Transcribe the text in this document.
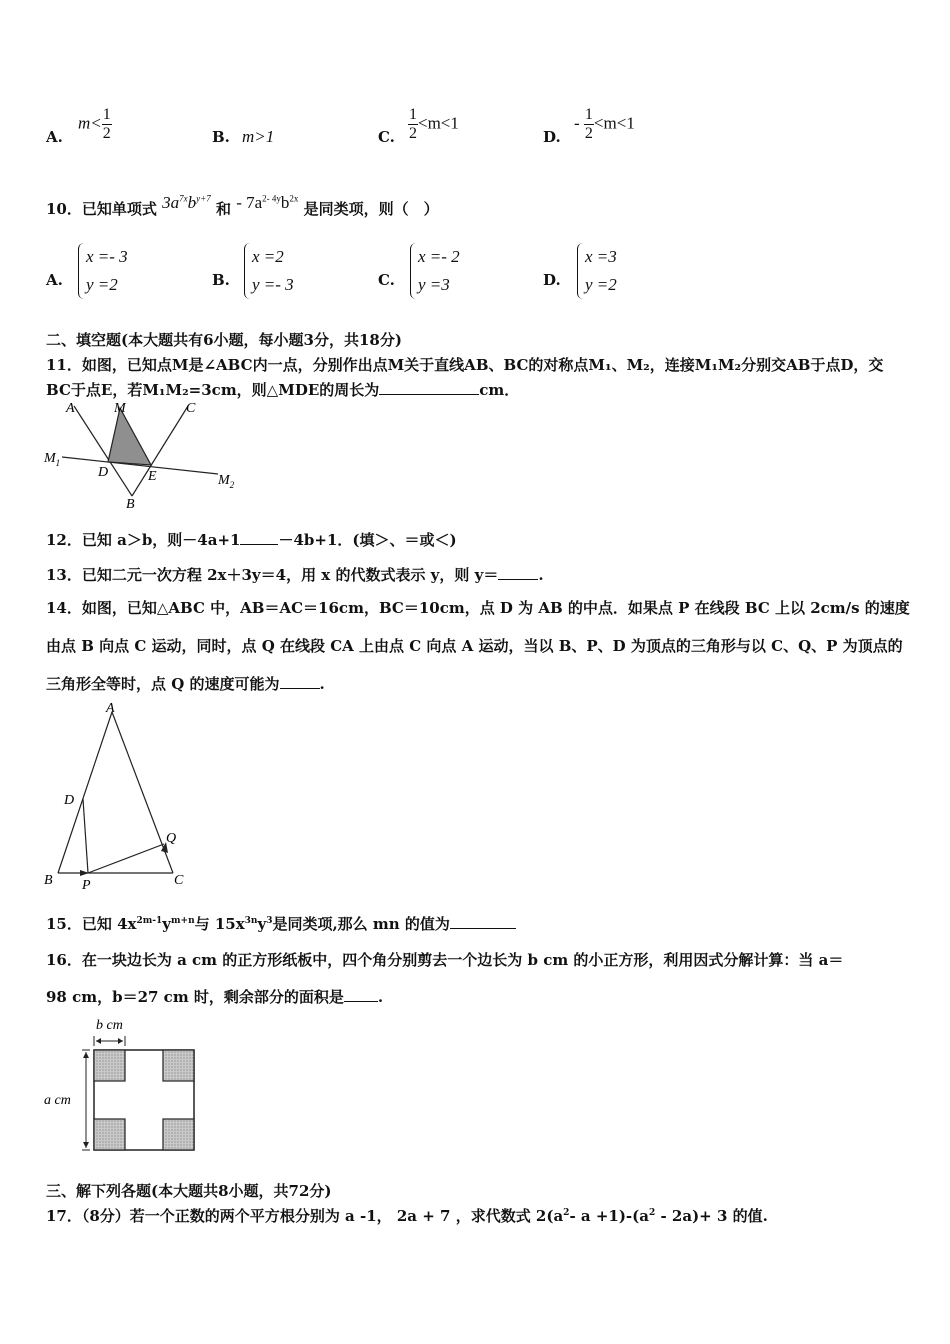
A.
$m< \frac{1}{2}$	B. m>1	C. $\frac{1}{2} <m<1$
D.
- $\frac{1}{2} <m<1$
10．已知单项式 $3a^{7x}b^{y+7}$ 和 - $7a^{2- 4y}b^{2x}$ 是同类项，则（　）
A.
x =- 3
y =2	B.
x =2
y =- 3	C.
x =- 2
y =3	D.
x =3
y =2
二、填空题(本大题共有6小题，每小题3分，共18分)
11．如图，已知点M是∠ABC内一点，分别作出点M关于直线AB、BC的对称点M₁、M₂，连接M₁M₂分别交AB于点D，交
BC于点E，若M₁M₂=3cm，则△MDE的周长为	cm．
A	M	C
$M_1$
D	E	$M_2$
B
12．已知 a＞b，则－4a+1	－4b+1．(填＞、＝或＜)
13．已知二元一次方程 2x＋3y＝4，用 x 的代数式表示 y，则 y＝	.
14．如图，已知△ABC 中，AB＝AC＝16cm，BC＝10cm，点 D 为 AB 的中点．如果点 P 在线段 BC 上以 2cm/s 的速度
由点 B 向点 C 运动，同时，点 Q 在线段 CA 上由点 C 向点 A 运动，当以 B、P、D 为顶点的三角形与以 C、Q、P 为顶点的
三角形全等时，点 Q 的速度可能为	.
A
D
Q
B P	C
15．已知 $4x^{2m-1}y^{m+n}$与 $15x^{3n}y^3$是同类项,那么 mn 的值为
16．在一块边长为 a cm 的正方形纸板中，四个角分别剪去一个边长为 b cm 的小正方形，利用因式分解计算：当 a＝
98 cm，b＝27 cm 时，剩余部分的面积是 .
b cm
a cm
三、解下列各题(本大题共8小题，共72分)
17．（8分）若一个正数的两个平方根分别为 a -1， 2a + 7 ，求代数式 $2(a^2-$ $a +1)-(a^2 - 2a)+ 3$ 的值.
